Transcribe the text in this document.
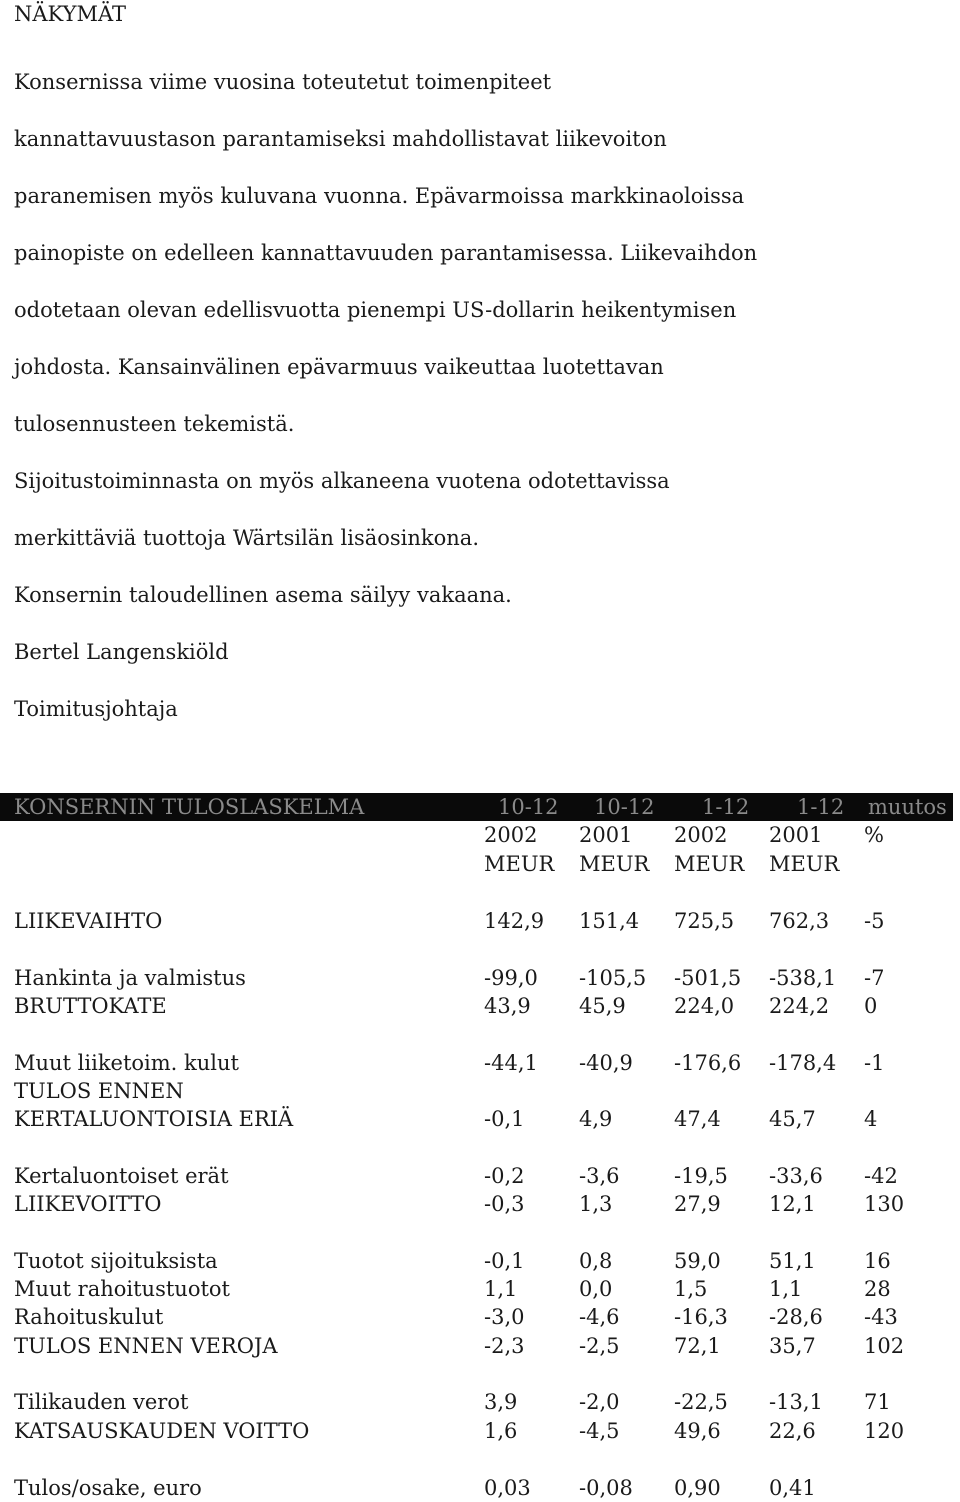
NÄKYMÄT

Konsernissa viime vuosina toteutetut toimenpiteet

kannattavuustason parantamiseksi mahdollistavat liikevoiton

paranemisen myös kuluvana vuonna. Epävarmoissa markkinaoloissa

painopiste on edelleen kannattavuuden parantamisessa. Liikevaihdon

odotetaan olevan edellisvuotta pienempi US-dollarin heikentymisen

johdosta. Kansainvälinen epävarmuus vaikeuttaa luotettavan

tulosennusteen tekemistä.

Sijoitustoiminnasta on myös alkaneena vuotena odotettavissa

merkittäviä tuottoja Wärtsilän lisäosinkona.

Konsernin taloudellinen asema säilyy vakaana.

Bertel Langenskiöld

Toimitusjohtaja

KONSERNIN TULOSLASKELMA	10-12 10-12 1-12 1-12 muutos
2002 2001 2002 2001 %
MEUR MEUR MEUR MEUR
LIIKEVAIHTO	142,9 151,4 725,5 762,3 -5
Hankinta ja valmistus	-99,0 -105,5 -501,5 -538,1 -7
BRUTTOKATE	43,9 45,9 224,0 224,2 0
Muut liiketoim. kulut	-44,1 -40,9 -176,6 -178,4 -1
TULOS ENNEN
KERTALUONTOISIA ERIÄ	-0,1	4,9	47,4 45,7 4
Kertaluontoiset erät	-0,2	-3,6	-19,5 -33,6 -42
LIIKEVOITTO	-0,3	1,3	27,9 12,1 130
Tuotot sijoituksista	-0,1	0,8	59,0 51,1 16
Muut rahoitustuotot	1,1	0,0	1,5	1,1	28
Rahoituskulut	-3,0	-4,6	-16,3 -28,6 -43
TULOS ENNEN VEROJA	-2,3	-2,5	72,1 35,7 102
Tilikauden verot	3,9	-2,0	-22,5 -13,1 71
KATSAUSKAUDEN VOITTO	1,6	-4,5	49,6 22,6 120
Tulos/osake, euro	0,03 -0,08 0,90 0,41
